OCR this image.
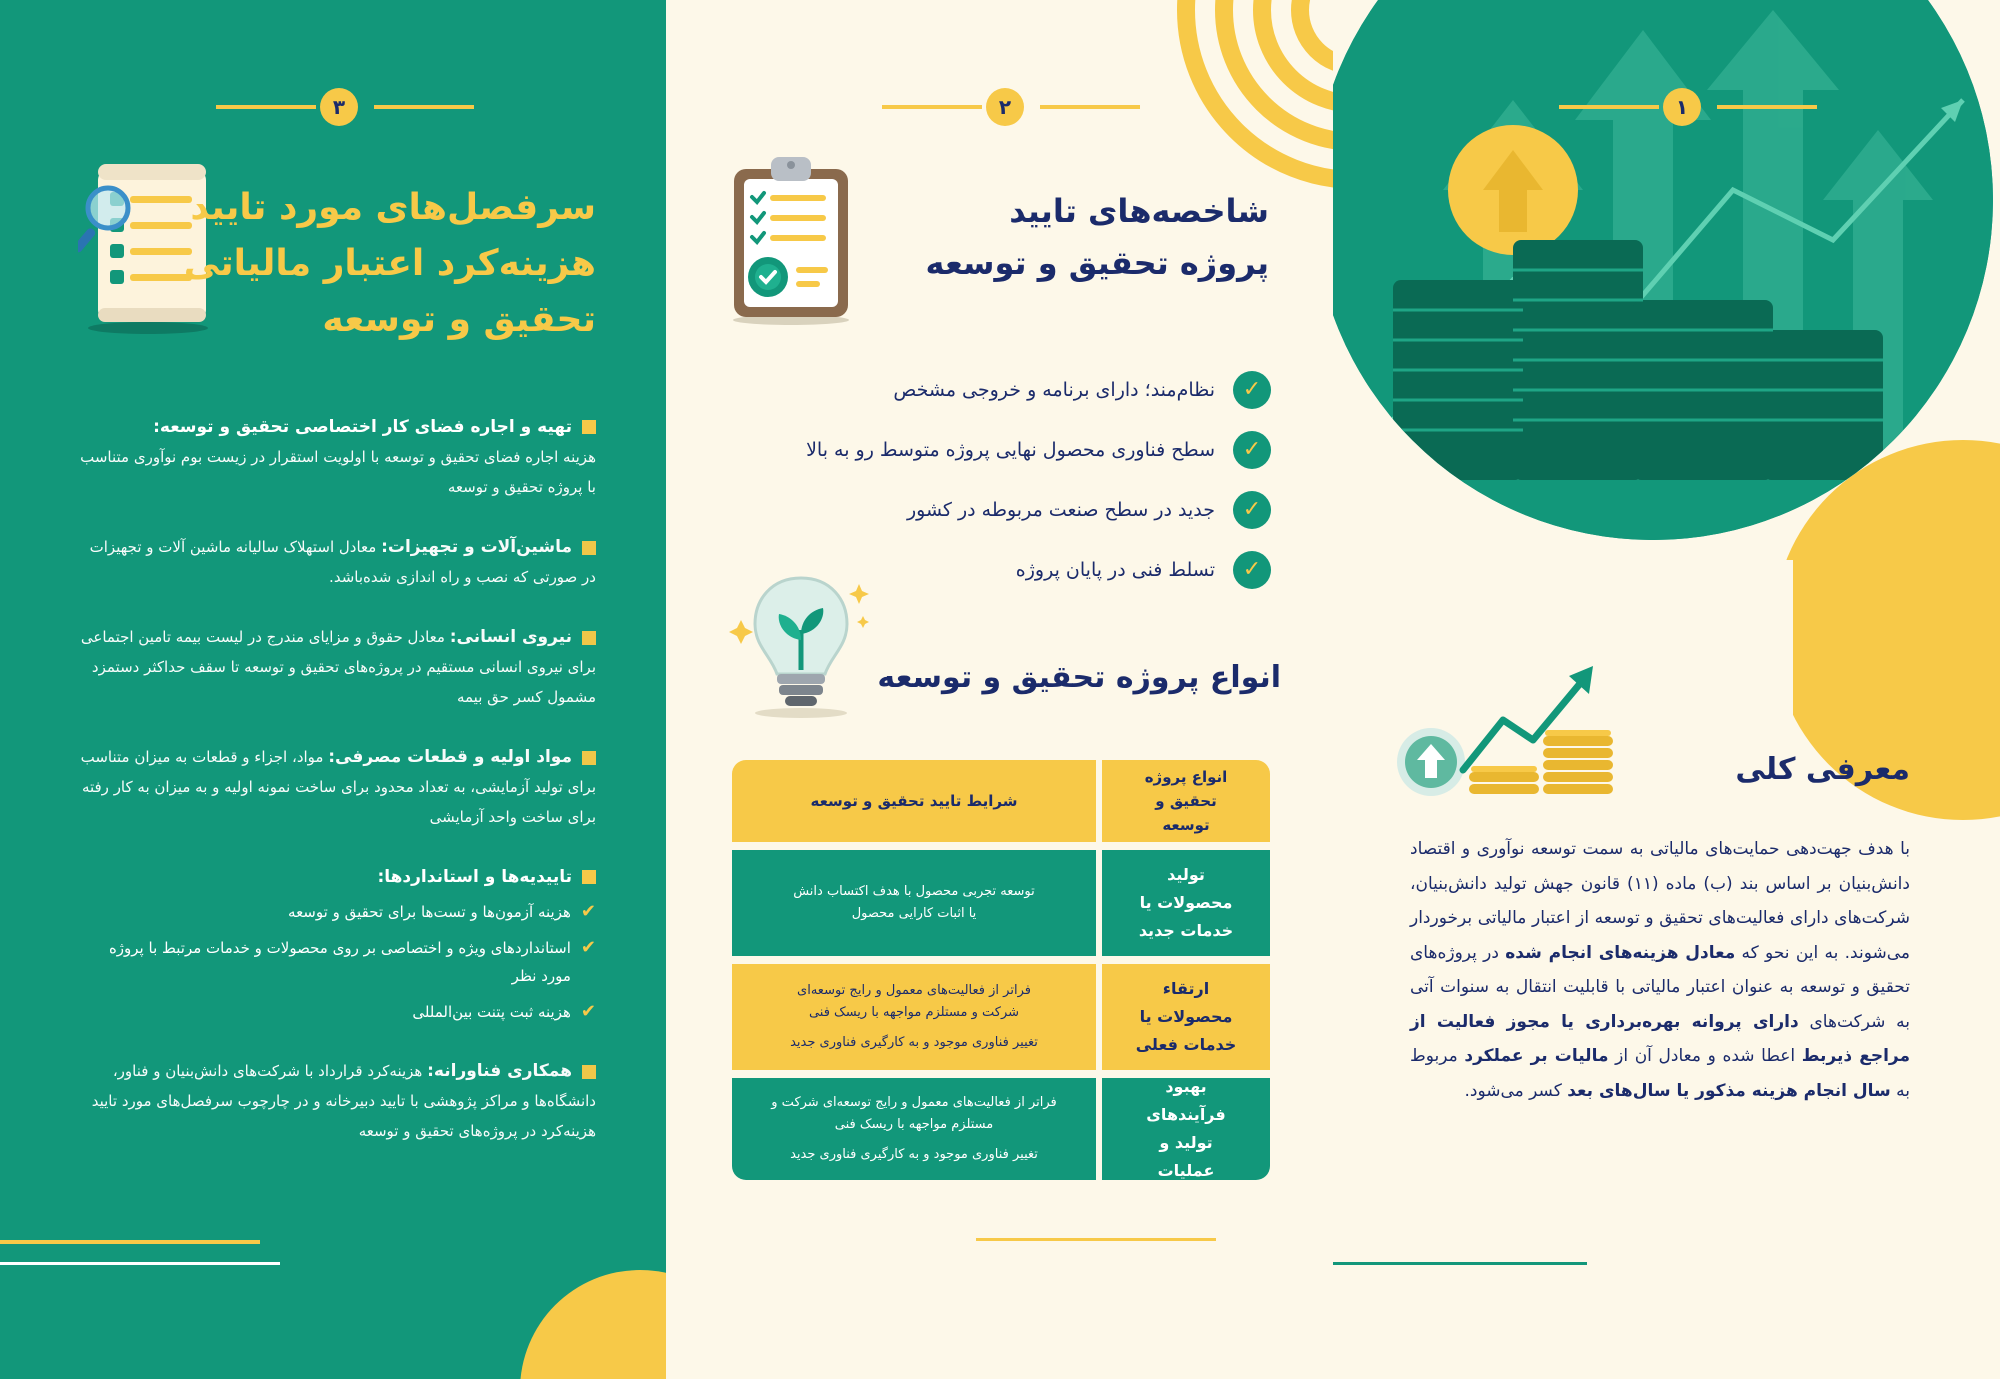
۳
سرفصل‌های مورد تایید
هزینه‌کرد اعتبار مالیاتی
تحقیق و توسعه
تهیه و اجاره فضای کار اختصاصی تحقیق و توسعه:
هزینه اجاره فضای تحقیق و توسعه با اولویت استقرار در زیست بوم نوآوری متناسب با پروژه تحقیق و توسعه
ماشین‌آلات و تجهیزات: معادل استهلاک سالیانه ماشین آلات و تجهیزات در صورتی که نصب و راه اندازی شده‌باشد.
نیروی انسانی: معادل حقوق و مزایای مندرج در لیست بیمه تامین اجتماعی برای نیروی انسانی مستقیم در پروژه‌های تحقیق و توسعه تا سقف حداکثر دستمزد مشمول کسر حق بیمه
مواد اولیه و قطعات مصرفی: مواد، اجزاء و قطعات به میزان متناسب برای تولید آزمایشی، به تعداد محدود برای ساخت نمونه اولیه و به میزان به کار رفته برای ساخت واحد آزمایشی
تاییدیه‌ها و استانداردها:
✔
هزینه آزمون‌ها و تست‌ها برای تحقیق و توسعه
✔
استانداردهای ویژه و اختصاصی بر روی محصولات و خدمات مرتبط با پروژه مورد نظر
✔
هزینه ثبت پتنت بین‌المللی
همکاری فناورانه: هزینه‌کرد قرارداد با شرکت‌های دانش‌بنیان و فناور، دانشگاه‌ها و مراکز پژوهشی با تایید دبیرخانه و در چارچوب سرفصل‌های مورد تایید هزینه‌کرد در پروژه‌های تحقیق و توسعه
۲
شاخصه‌های تایید
پروژه تحقیق و توسعه
✓
نظام‌مند؛ دارای برنامه و خروجی مشخص
✓
سطح فناوری محصول نهایی پروژه متوسط رو به بالا
✓
جدید در سطح صنعت مربوطه در کشور
✓
تسلط فنی در پایان پروژه
انواع پروژه تحقیق و توسعه
انواع پروژه تحقیق و توسعه
شرایط تایید تحقیق و توسعه
تولید محصولات یا خدمات جدید
توسعه تجربی محصول با هدف اکتساب دانش یا اثبات کارایی محصول
ارتقاء محصولات یا خدمات فعلی
فراتر از فعالیت‌های معمول و رایج توسعه‌ای شرکت و مستلزم مواجهه با ریسک فنی
تغییر فناوری موجود و به کارگیری فناوری جدید
بهبود فرآیندهای تولید و عملیات
فراتر از فعالیت‌های معمول و رایج توسعه‌ای شرکت و مستلزم مواجهه با ریسک فنی
تغییر فناوری موجود و به کارگیری فناوری جدید
۱
معرفی کلی

با هدف جهت‌دهی حمایت‌های مالیاتی به سمت توسعه نوآوری و اقتصاد دانش‌بنیان بر اساس بند (ب) ماده (۱۱) قانون جهش تولید دانش‌بنیان، شرکت‌های دارای فعالیت‌های تحقیق و توسعه از اعتبار مالیاتی برخوردار می‌شوند. به این نحو که معادل هزینه‌های انجام شده در پروژه‌های تحقیق و توسعه به عنوان اعتبار مالیاتی با قابلیت انتقال به سنوات آتی به شرکت‌های دارای پروانه بهره‌برداری یا مجوز فعالیت از مراجع ذیربط اعطا شده و معادل آن از مالیات بر عملکرد مربوط به سال انجام هزینه مذکور یا سال‌های بعد کسر می‌شود.
